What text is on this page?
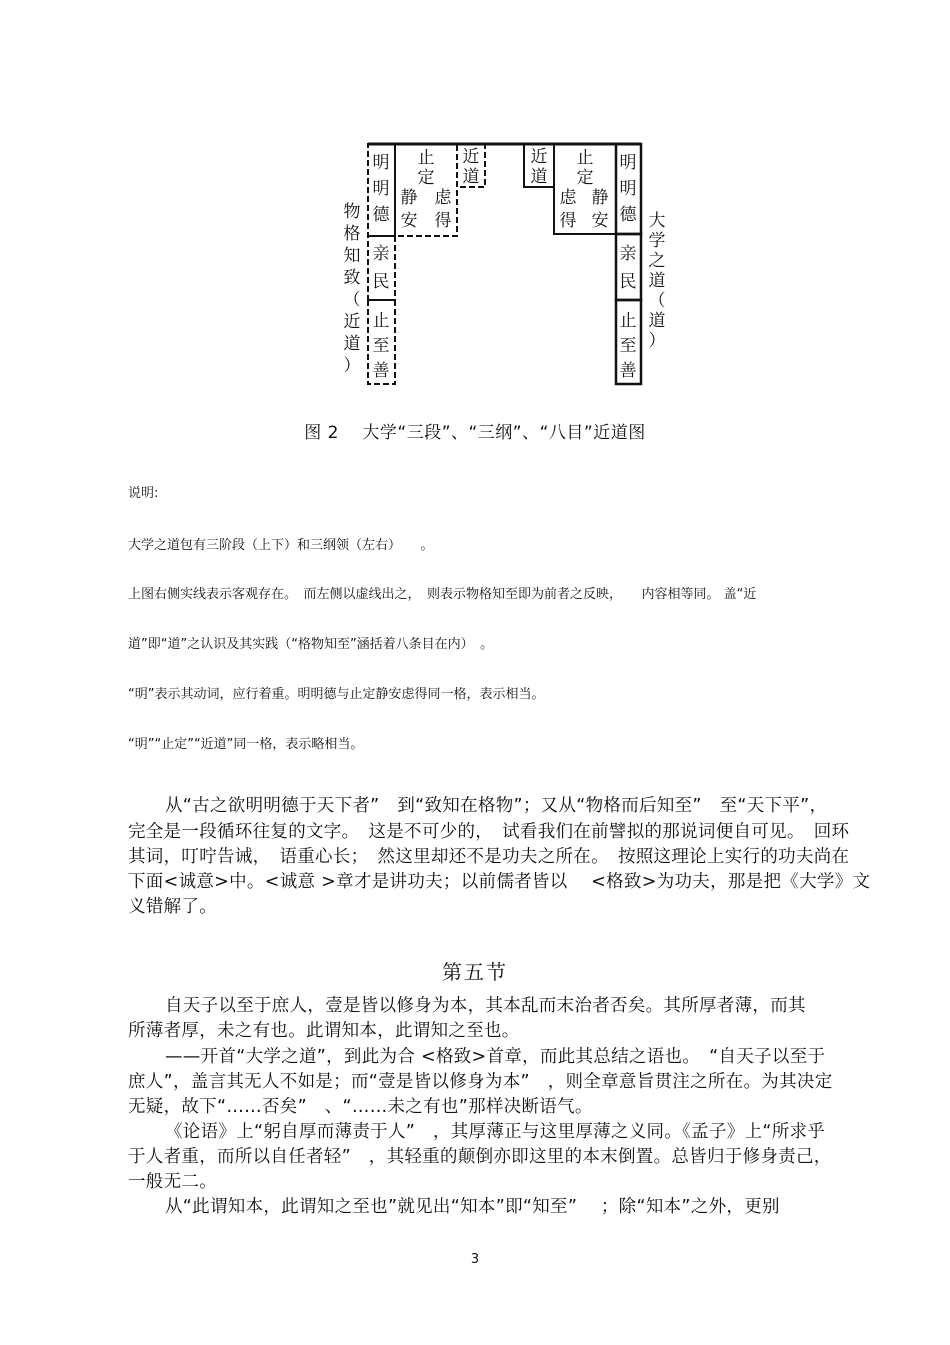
明
明
德
止
定
静 虑
安 得
近
道
亲
民
止
至
善
物
格
知
致
（
近
道
）
近
道
止
定
虑 静
得 安
明
明
德
亲
民
止
至
善
大
学
之
道
（
道
）
图 2　 大学“三段”、“三纲”、“八目”近道图
说明:
大学之道包有三阶段（上下）和三纲领（左右）　　。
上图右侧实线表示客观存在。　而左侧以虚线出之，　则表示物格知至即为前者之反映，　　内容相等同。 盖“近
道”即“道”之认识及其实践（“格物知至”涵括着八条目在内）　。
“明”表示其动词，应行着重。明明德与止定静安虑得同一格，表示相当。
“明”“止定”“近道”同一格，表示略相当。
从“古之欲明明德于天下者”　到“致知在格物”；又从“物格而后知至”　至“天下平”，
完全是一段循环往复的文字。　这是不可少的，　试看我们在前譬拟的那说词便自可见。　回环
其词，叮咛告诫，　语重心长；　然这里却还不是功夫之所在。　按照这理论上实行的功夫尚在
下面<诚意>中。<诚意 >章才是讲功夫；以前儒者皆以　 <格致>为功夫，那是把《大学》文
义错解了。
第五节
自天子以至于庶人，壹是皆以修身为本，其本乱而末治者否矣。其所厚者薄，而其
所薄者厚，未之有也。此谓知本，此谓知之至也。
——开首“大学之道”，到此为合 <格致>首章，而此其总结之语也。　“自天子以至于
庶人”，盖言其无人不如是；而“壹是皆以修身为本”　，则全章意旨贯注之所在。为其决定
无疑，故下“……否矣”　、“……未之有也”那样决断语气。
《论语》上“躬自厚而薄责于人”　，其厚薄正与这里厚薄之义同。《孟子》上“所求乎
于人者重，而所以自任者轻”　，其轻重的颠倒亦即这里的本末倒置。总皆归于修身责己，
一般无二。
从“此谓知本，此谓知之至也”就见出“知本”即“知至”　 ；除“知本”之外，更别
3
